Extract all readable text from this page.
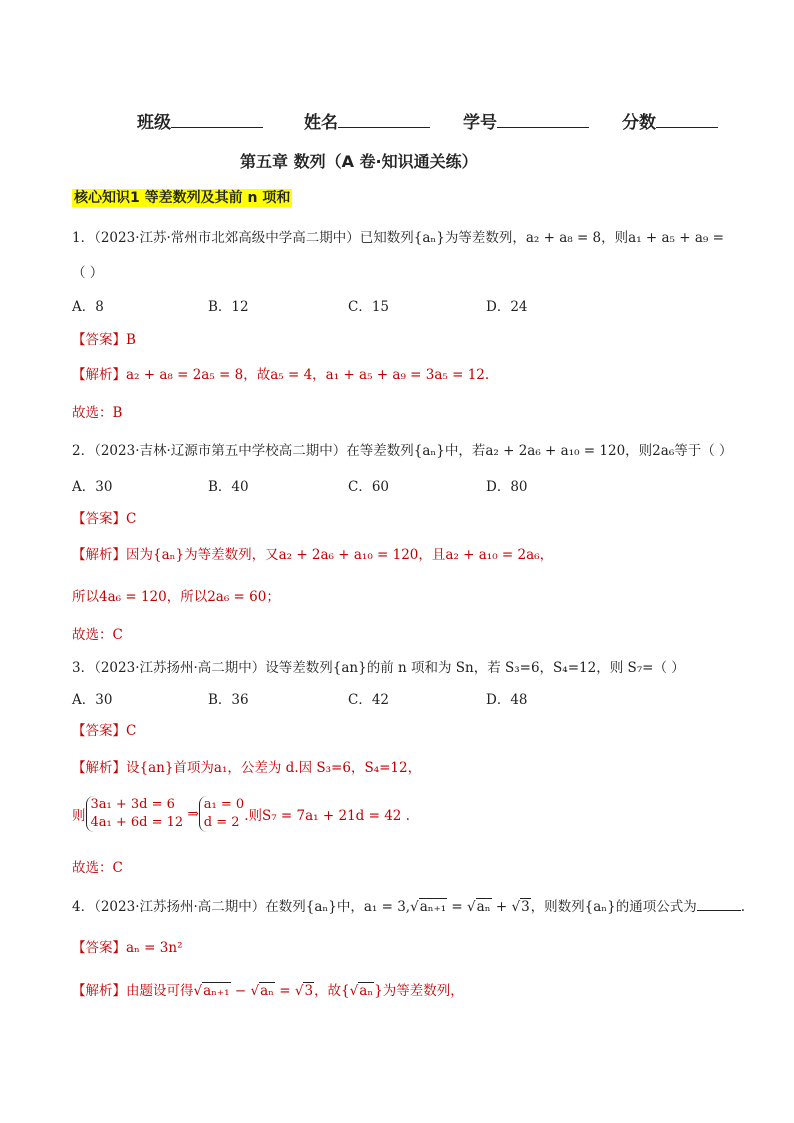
班级	姓名	学号	分数
第五章 数列（A 卷·知识通关练）
核心知识1 等差数列及其前 n 项和
1．（2023·江苏·常州市北郊高级中学高二期中）已知数列{aₙ}为等差数列，a₂ + a₈ = 8，则a₁ + a₅ + a₉ =
（ ）
A．8	B．12	C．15	D．24
【答案】B
【解析】a₂ + a₈ = 2a₅ = 8，故a₅ = 4，a₁ + a₅ + a₉ = 3a₅ = 12.
故选：B
2．（2023·吉林·辽源市第五中学校高二期中）在等差数列{aₙ}中，若a₂ + 2a₆ + a₁₀ = 120，则2a₆等于（ ）
A．30	B．40	C．60	D．80
【答案】C
【解析】因为{aₙ}为等差数列，又a₂ + 2a₆ + a₁₀ = 120，且a₂ + a₁₀ = 2a₆，
所以4a₆ = 120，所以2a₆ = 60；
故选：C
3．（2023·江苏扬州·高二期中）设等差数列{an}的前 n 项和为 Sn，若 S₃=6，S₄=12，则 S₇=（ ）
A．30	B．36	C．42	D．48
【答案】C
【解析】设{an}首项为a₁，公差为 d.因 S₃=6，S₄=12，
则3a₁ + 3d = 6
4a₁ + 6d = 12 ⇒a₁ = 0
d = 2 .则S₇ = 7a₁ + 21d = 42 .
故选：C
4．（2023·江苏扬州·高二期中）在数列{aₙ}中，a₁ = 3,√aₙ₊₁ = √aₙ + √3，则数列{aₙ}的通项公式为	.
【答案】aₙ = 3n²
【解析】由题设可得√aₙ₊₁ − √aₙ = √3，故{√aₙ}为等差数列，
